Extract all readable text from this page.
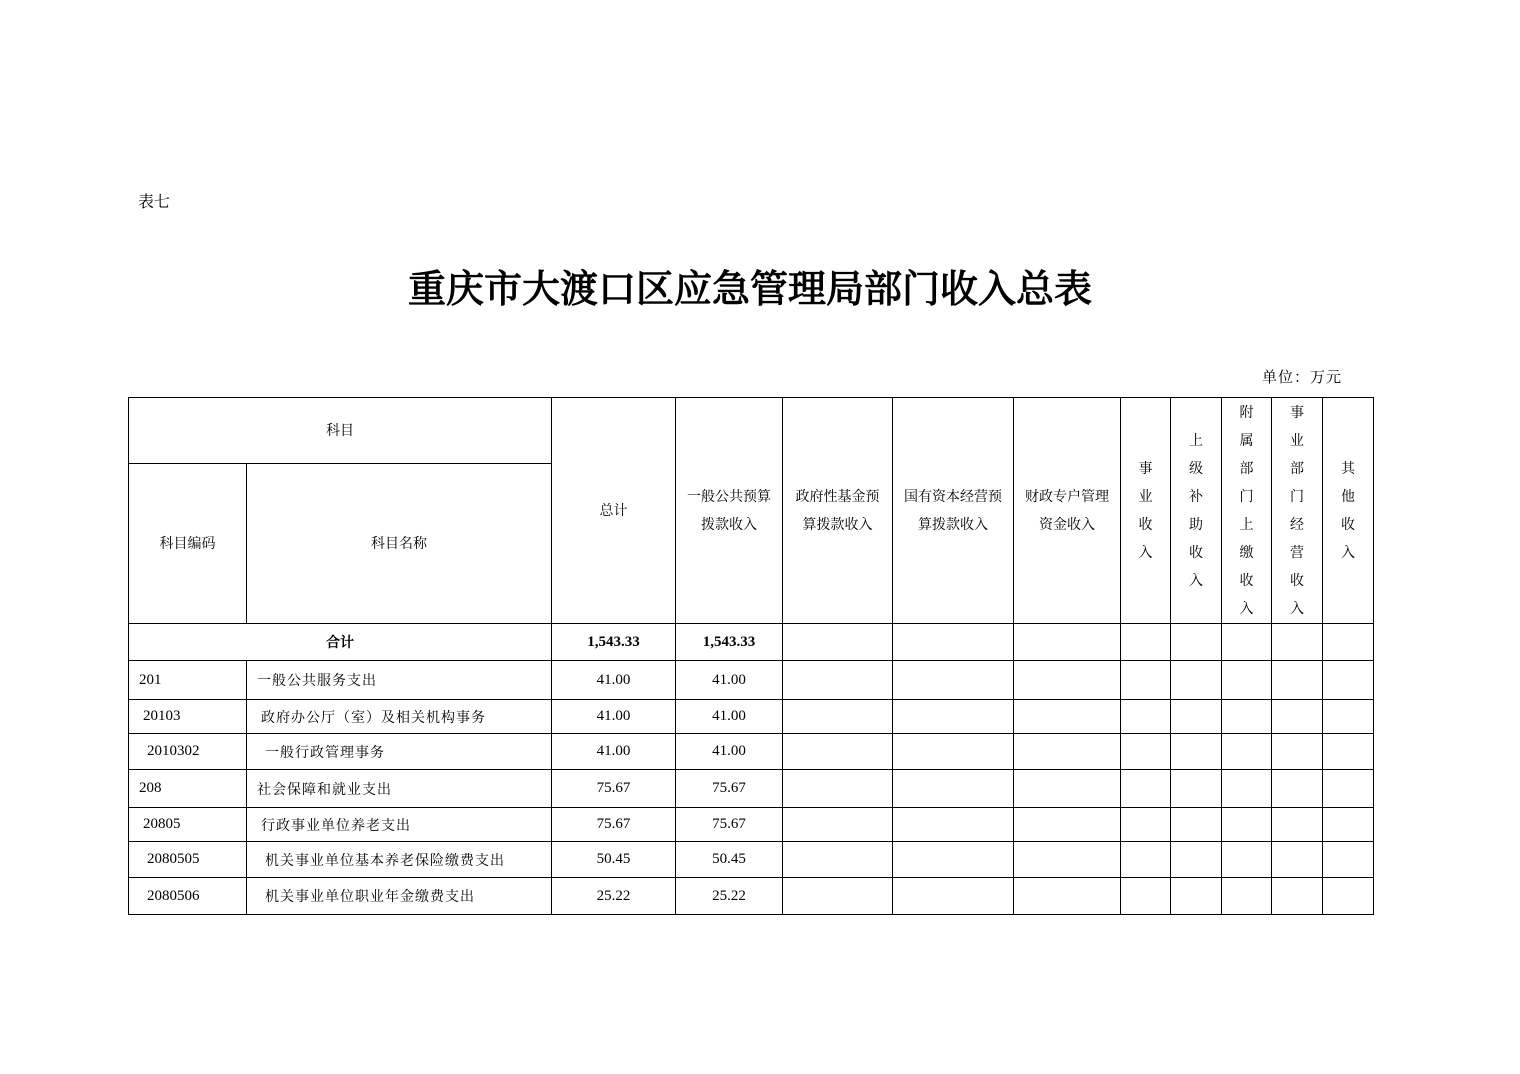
表七
重庆市大渡口区应急管理局部门收入总表
单位：万元
科目		总计	一般公共预算拨款收入	政府性基金预算拨款收入	国有资本经营预算拨款收入	财政专户管理资金收入	事业收入	上级补助收入	附属部门上缴收入	事业部门经营收入	其他收入

科目编码	科目名称										
合计		1,543.33	1,543.33								
201	一般公共服务支出	41.00	41.00								
20103	政府办公厅（室）及相关机构事务	41.00	41.00								
2010302	一般行政管理事务	41.00	41.00								
208	社会保障和就业支出	75.67	75.67								
20805	行政事业单位养老支出	75.67	75.67								
2080505	机关事业单位基本养老保险缴费支出	50.45	50.45								
2080506	机关事业单位职业年金缴费支出	25.22	25.22								
